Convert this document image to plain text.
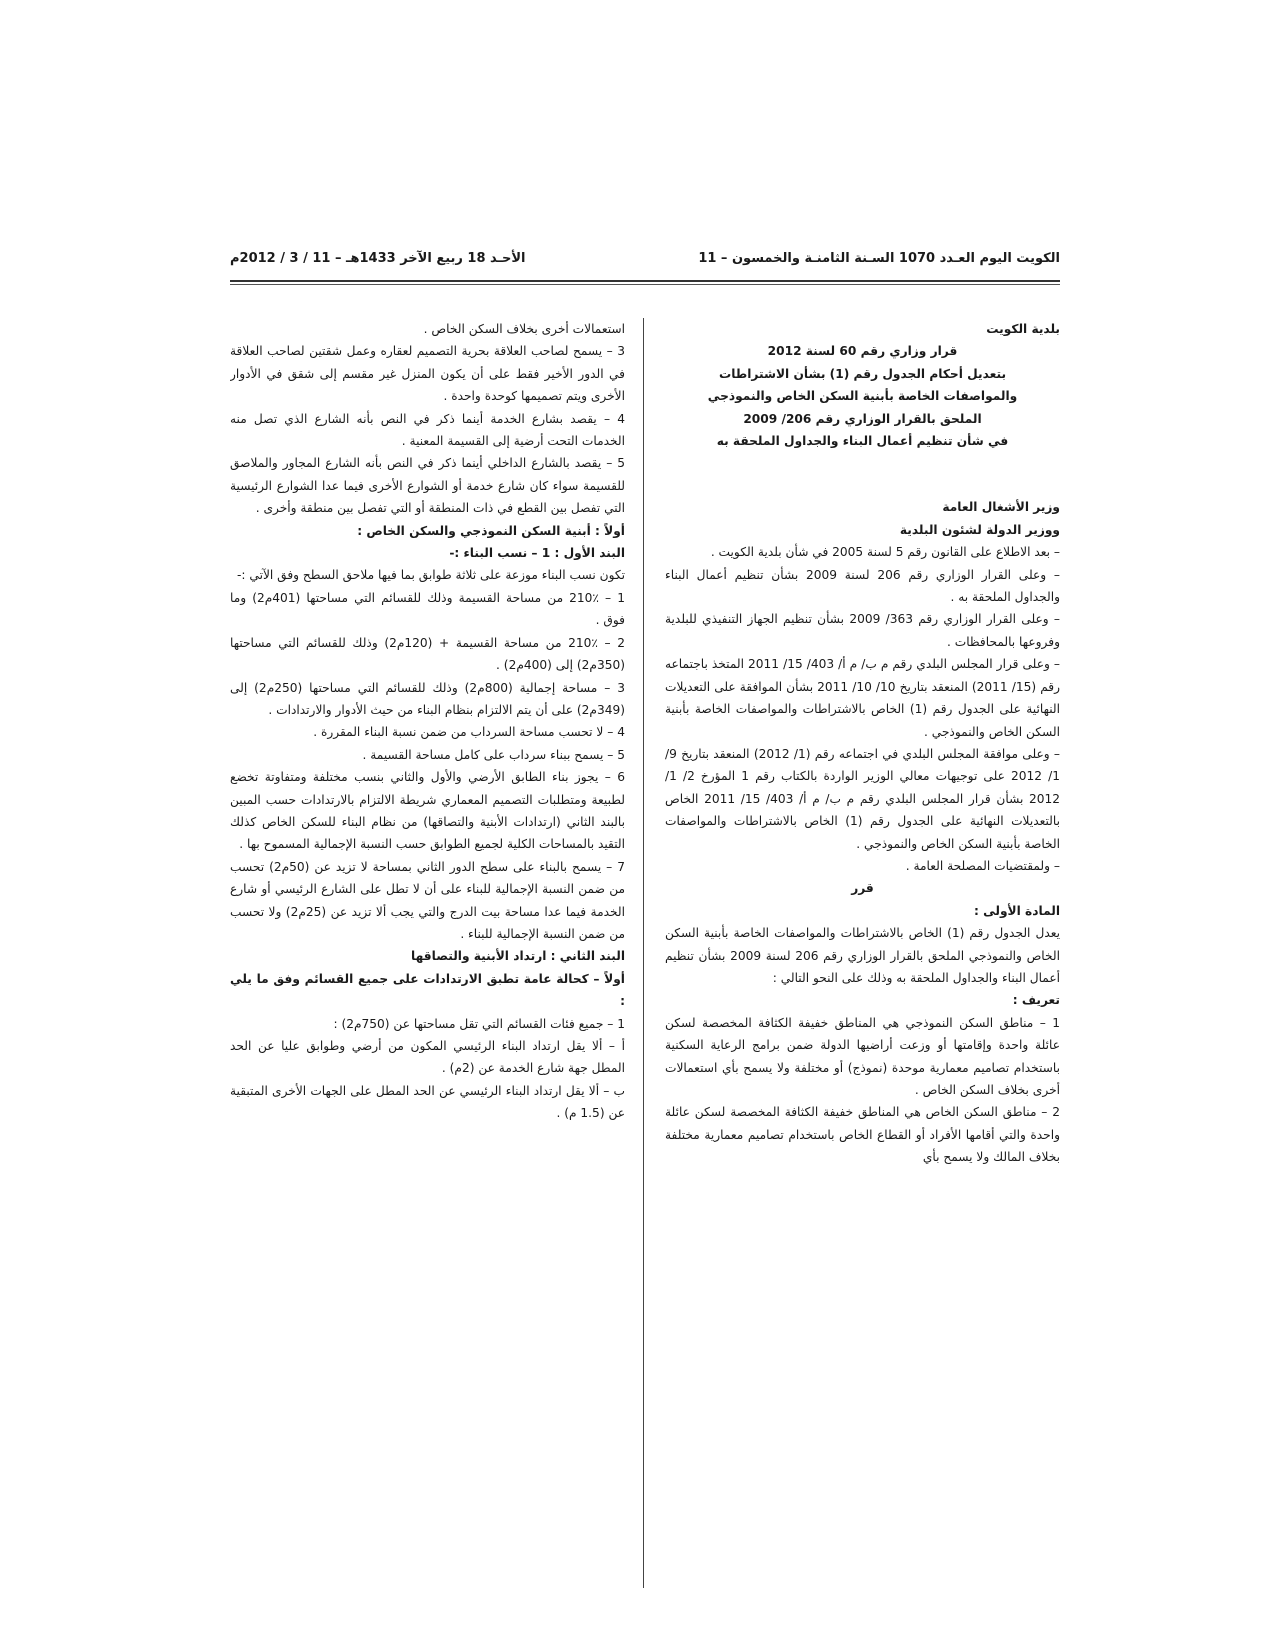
الكويت اليوم العـدد 1070 السـنة الثامنـة والخمسون – 11
الأحـد 18 ربيع الآخر 1433هـ – 11 / 3 / 2012م

بلدية الكويت

قرار وزاري رقم 60 لسنة 2012

بتعديل أحكام الجدول رقم (1) بشأن الاشتراطات

والمواصفات الخاصة بأبنية السكن الخاص والنموذجي

الملحق بالقرار الوزاري رقم 206/ 2009

في شأن تنظيم أعمال البناء والجداول الملحقة به

وزير الأشغال العامة

ووزير الدولة لشئون البلدية

– بعد الاطلاع على القانون رقم 5 لسنة 2005 في شأن بلدية الكويت .

– وعلى القرار الوزاري رقم 206 لسنة 2009 بشأن تنظيم أعمال البناء والجداول الملحقة به .

– وعلى القرار الوزاري رقم 363/ 2009 بشأن تنظيم الجهاز التنفيذي للبلدية وفروعها بالمحافظات .

– وعلى قرار المجلس البلدي رقم م ب/ م أ/ 403/ 15/ 2011 المتخذ باجتماعه رقم (15/ 2011) المنعقد بتاريخ 10/ 10/ 2011 بشأن الموافقة على التعديلات النهائية على الجدول رقم (1) الخاص بالاشتراطات والمواصفات الخاصة بأبنية السكن الخاص والنموذجي .

– وعلى موافقة المجلس البلدي في اجتماعه رقم (1/ 2012) المنعقد بتاريخ 9/ 1/ 2012 على توجيهات معالي الوزير الواردة بالكتاب رقم 1 المؤرخ 2/ 1/ 2012 بشأن قرار المجلس البلدي رقم م ب/ م أ/ 403/ 15/ 2011 الخاص بالتعديلات النهائية على الجدول رقم (1) الخاص بالاشتراطات والمواصفات الخاصة بأبنية السكن الخاص والنموذجي .

– ولمقتضيات المصلحة العامة .

قرر

المادة الأولى :

يعدل الجدول رقم (1) الخاص بالاشتراطات والمواصفات الخاصة بأبنية السكن الخاص والنموذجي الملحق بالقرار الوزاري رقم 206 لسنة 2009 بشأن تنظيم أعمال البناء والجداول الملحقة به وذلك على النحو التالي :

تعريف :

1 – مناطق السكن النموذجي هي المناطق خفيفة الكثافة المخصصة لسكن عائلة واحدة وإقامتها أو وزعت أراضيها الدولة ضمن برامج الرعاية السكنية باستخدام تصاميم معمارية موحدة (نموذج) أو مختلفة ولا يسمح بأي استعمالات أخرى بخلاف السكن الخاص .

2 – مناطق السكن الخاص هي المناطق خفيفة الكثافة المخصصة لسكن عائلة واحدة والتي أقامها الأفراد أو القطاع الخاص باستخدام تصاميم معمارية مختلفة بخلاف المالك ولا يسمح بأي

استعمالات أخرى بخلاف السكن الخاص .

3 – يسمح لصاحب العلاقة بحرية التصميم لعقاره وعمل شقتين لصاحب العلاقة في الدور الأخير فقط على أن يكون المنزل غير مقسم إلى شقق في الأدوار الأخرى ويتم تصميمها كوحدة واحدة .

4 – يقصد بشارع الخدمة أينما ذكر في النص بأنه الشارع الذي تصل منه الخدمات التحت أرضية إلى القسيمة المعنية .

5 – يقصد بالشارع الداخلي أينما ذكر في النص بأنه الشارع المجاور والملاصق للقسيمة سواء كان شارع خدمة أو الشوارع الأخرى فيما عدا الشوارع الرئيسية التي تفصل بين القطع في ذات المنطقة أو التي تفصل بين منطقة وأخرى .

أولاً : أبنية السكن النموذجي والسكن الخاص :

البند الأول : 1 – نسب البناء :-

تكون نسب البناء موزعة على ثلاثة طوابق بما فيها ملاحق السطح وفق الآتي :-

1 – 210٪ من مساحة القسيمة وذلك للقسائم التي مساحتها (401م2) وما فوق .

2 – 210٪ من مساحة القسيمة + (120م2) وذلك للقسائم التي مساحتها (350م2) إلى (400م2) .

3 – مساحة إجمالية (800م2) وذلك للقسائم التي مساحتها (250م2) إلى (349م2) على أن يتم الالتزام بنظام البناء من حيث الأدوار والارتدادات .

4 – لا تحسب مساحة السرداب من ضمن نسبة البناء المقررة .

5 – يسمح ببناء سرداب على كامل مساحة القسيمة .

6 – يجوز بناء الطابق الأرضي والأول والثاني بنسب مختلفة ومتفاوتة تخضع لطبيعة ومتطلبات التصميم المعماري شريطة الالتزام بالارتدادات حسب المبين بالبند الثاني (ارتدادات الأبنية والتصاقها) من نظام البناء للسكن الخاص كذلك التقيد بالمساحات الكلية لجميع الطوابق حسب النسبة الإجمالية المسموح بها .

7 – يسمح بالبناء على سطح الدور الثاني بمساحة لا تزيد عن (50م2) تحسب من ضمن النسبة الإجمالية للبناء على أن لا تطل على الشارع الرئيسي أو شارع الخدمة فيما عدا مساحة بيت الدرج والتي يجب ألا تزيد عن (25م2) ولا تحسب من ضمن النسبة الإجمالية للبناء .

البند الثاني : ارتداد الأبنية والتصاقها

أولاً – كحالة عامة تطبق الارتدادات على جميع القسائم وفق ما يلي :

1 – جميع فئات القسائم التي تقل مساحتها عن (750م2) :

أ – ألا يقل ارتداد البناء الرئيسي المكون من أرضي وطوابق عليا عن الحد المطل جهة شارع الخدمة عن (2م) .

ب – ألا يقل ارتداد البناء الرئيسي عن الحد المطل على الجهات الأخرى المتبقية عن (1.5 م) .
